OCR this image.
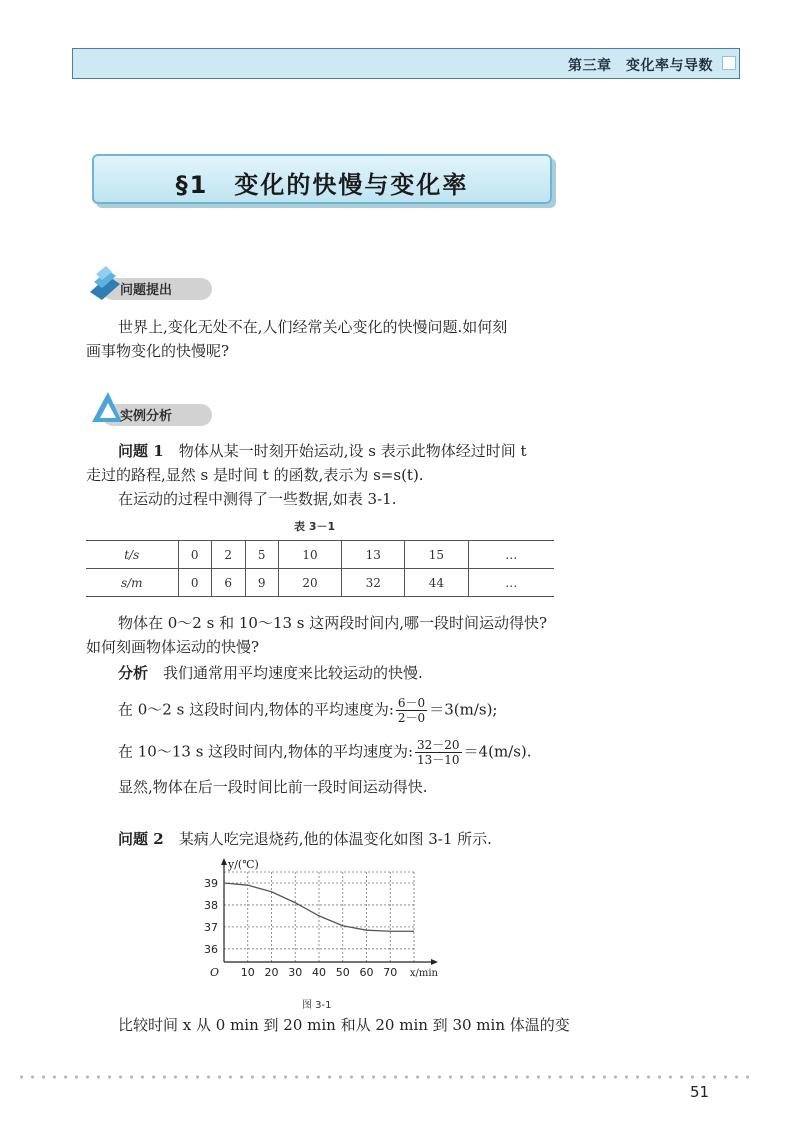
第三章　变化率与导数
§1　变化的快慢与变化率
问题提出
世界上,变化无处不在,人们经常关心变化的快慢问题.如何刻
画事物变化的快慢呢?
实例分析
问题 1　 物体从某一时刻开始运动,设 s 表示此物体经过时间 t
走过的路程,显然 s 是时间 t 的函数,表示为 s=s(t).
在运动的过程中测得了一些数据,如表 3-1.
表 3－1
t/s	0	2	5	10	13	15	…
s/m	0	6	9	20	32	44	…
物体在 0～2 s 和 10～13 s 这两段时间内,哪一段时间运动得快?
如何刻画物体运动的快慢?
分析　 我们通常用平均速度来比较运动的快慢.
在 0～2 s 这段时间内,物体的平均速度为: $\frac{6-0}{2-0} =3(m/s)$;
在 10～13 s 这段时间内,物体的平均速度为: $\frac{32-20}{13-10} =4(m/s)$.
显然,物体在后一段时间比前一段时间运动得快.
问题 2　 某病人吃完退烧药,他的体温变化如图 3-1 所示.
10 20 30 40 50 60 70
36
37
38
39
O
y/(℃)
x/min
图 3-1
比较时间 x 从 0 min 到 20 min 和从 20 min 到 30 min 体温的变
51
